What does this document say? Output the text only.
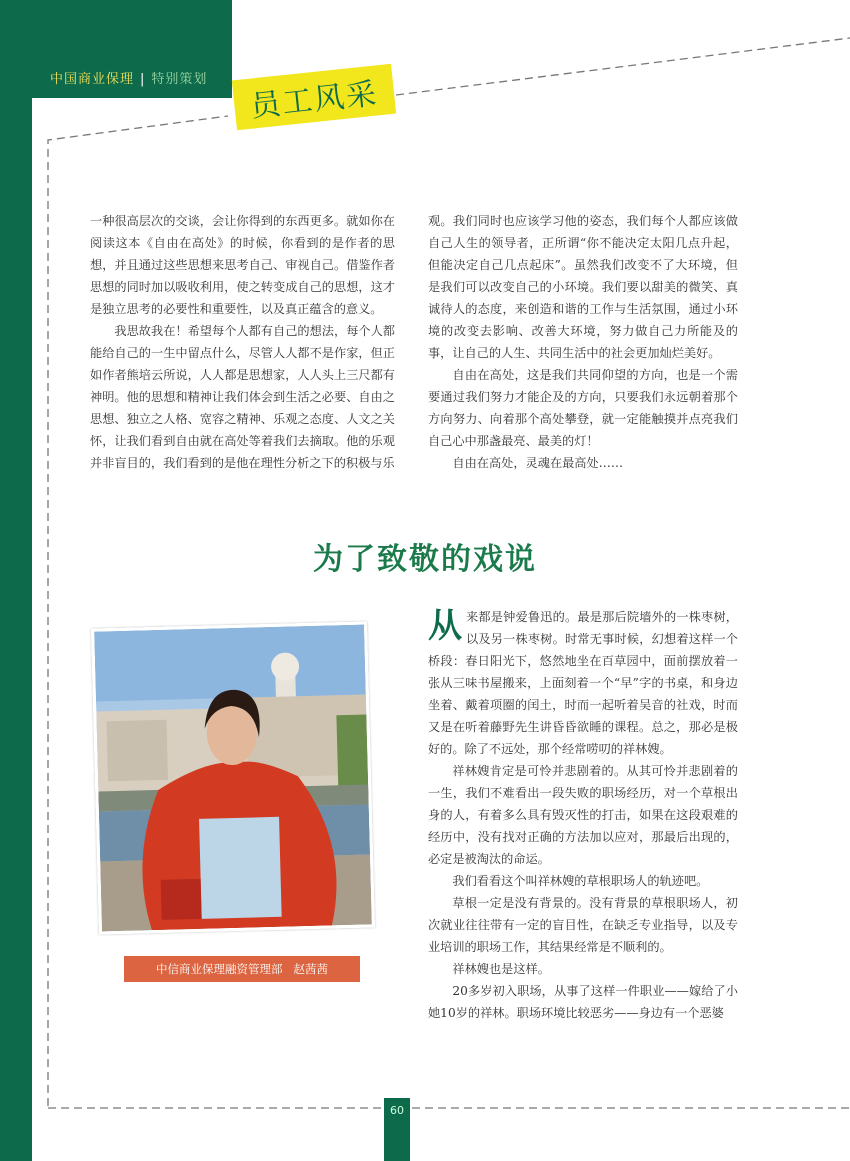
中国商业保理 | 特别策划 员工风采

一种很高层次的交谈，会让你得到的东西更多。就如你在阅读这本《自由在高处》的时候，你看到的是作者的思想，并且通过这些思想来思考自己、审视自己。借鉴作者思想的同时加以吸收利用，使之转变成自己的思想，这才是独立思考的必要性和重要性，以及真正蕴含的意义。

我思故我在！希望每个人都有自己的想法，每个人都能给自己的一生中留点什么，尽管人人都不是作家，但正如作者熊培云所说，人人都是思想家，人人头上三尺都有神明。他的思想和精神让我们体会到生活之必要、自由之思想、独立之人格、宽容之精神、乐观之态度、人文之关怀，让我们看到自由就在高处等着我们去摘取。他的乐观并非盲目的，我们看到的是他在理性分析之下的积极与乐

观。我们同时也应该学习他的姿态，我们每个人都应该做自己人生的领导者，正所谓“你不能决定太阳几点升起，但能决定自己几点起床”。虽然我们改变不了大环境，但是我们可以改变自己的小环境。我们要以甜美的微笑、真诚待人的态度，来创造和谐的工作与生活氛围，通过小环境的改变去影响、改善大环境，努力做自己力所能及的事，让自己的人生、共同生活中的社会更加灿烂美好。

自由在高处，这是我们共同仰望的方向，也是一个需要通过我们努力才能企及的方向，只要我们永远朝着那个方向努力、向着那个高处攀登，就一定能触摸并点亮我们自己心中那盏最亮、最美的灯！

自由在高处，灵魂在最高处……

为了致敬的戏说
中信商业保理融资管理部   赵茜茜

从来都是钟爱鲁迅的。最是那后院墙外的一株枣树，以及另一株枣树。时常无事时候，幻想着这样一个桥段：春日阳光下，悠然地坐在百草园中，面前摆放着一张从三味书屋搬来，上面刻着一个“早”字的书桌，和身边坐着、戴着项圈的闰土，时而一起听着吴音的社戏，时而又是在听着藤野先生讲昏昏欲睡的课程。总之，那必是极好的。除了不远处，那个经常唠叨的祥林嫂。

祥林嫂肯定是可怜并悲剧着的。从其可怜并悲剧着的一生，我们不难看出一段失败的职场经历，对一个草根出身的人，有着多么具有毁灭性的打击，如果在这段艰难的经历中，没有找对正确的方法加以应对，那最后出现的，必定是被淘汰的命运。

我们看看这个叫祥林嫂的草根职场人的轨迹吧。

草根一定是没有背景的。没有背景的草根职场人，初次就业往往带有一定的盲目性，在缺乏专业指导，以及专业培训的职场工作，其结果经常是不顺利的。

祥林嫂也是这样。

20多岁初入职场，从事了这样一件职业——嫁给了小她10岁的祥林。职场环境比较恶劣——身边有一个恶婆

60
